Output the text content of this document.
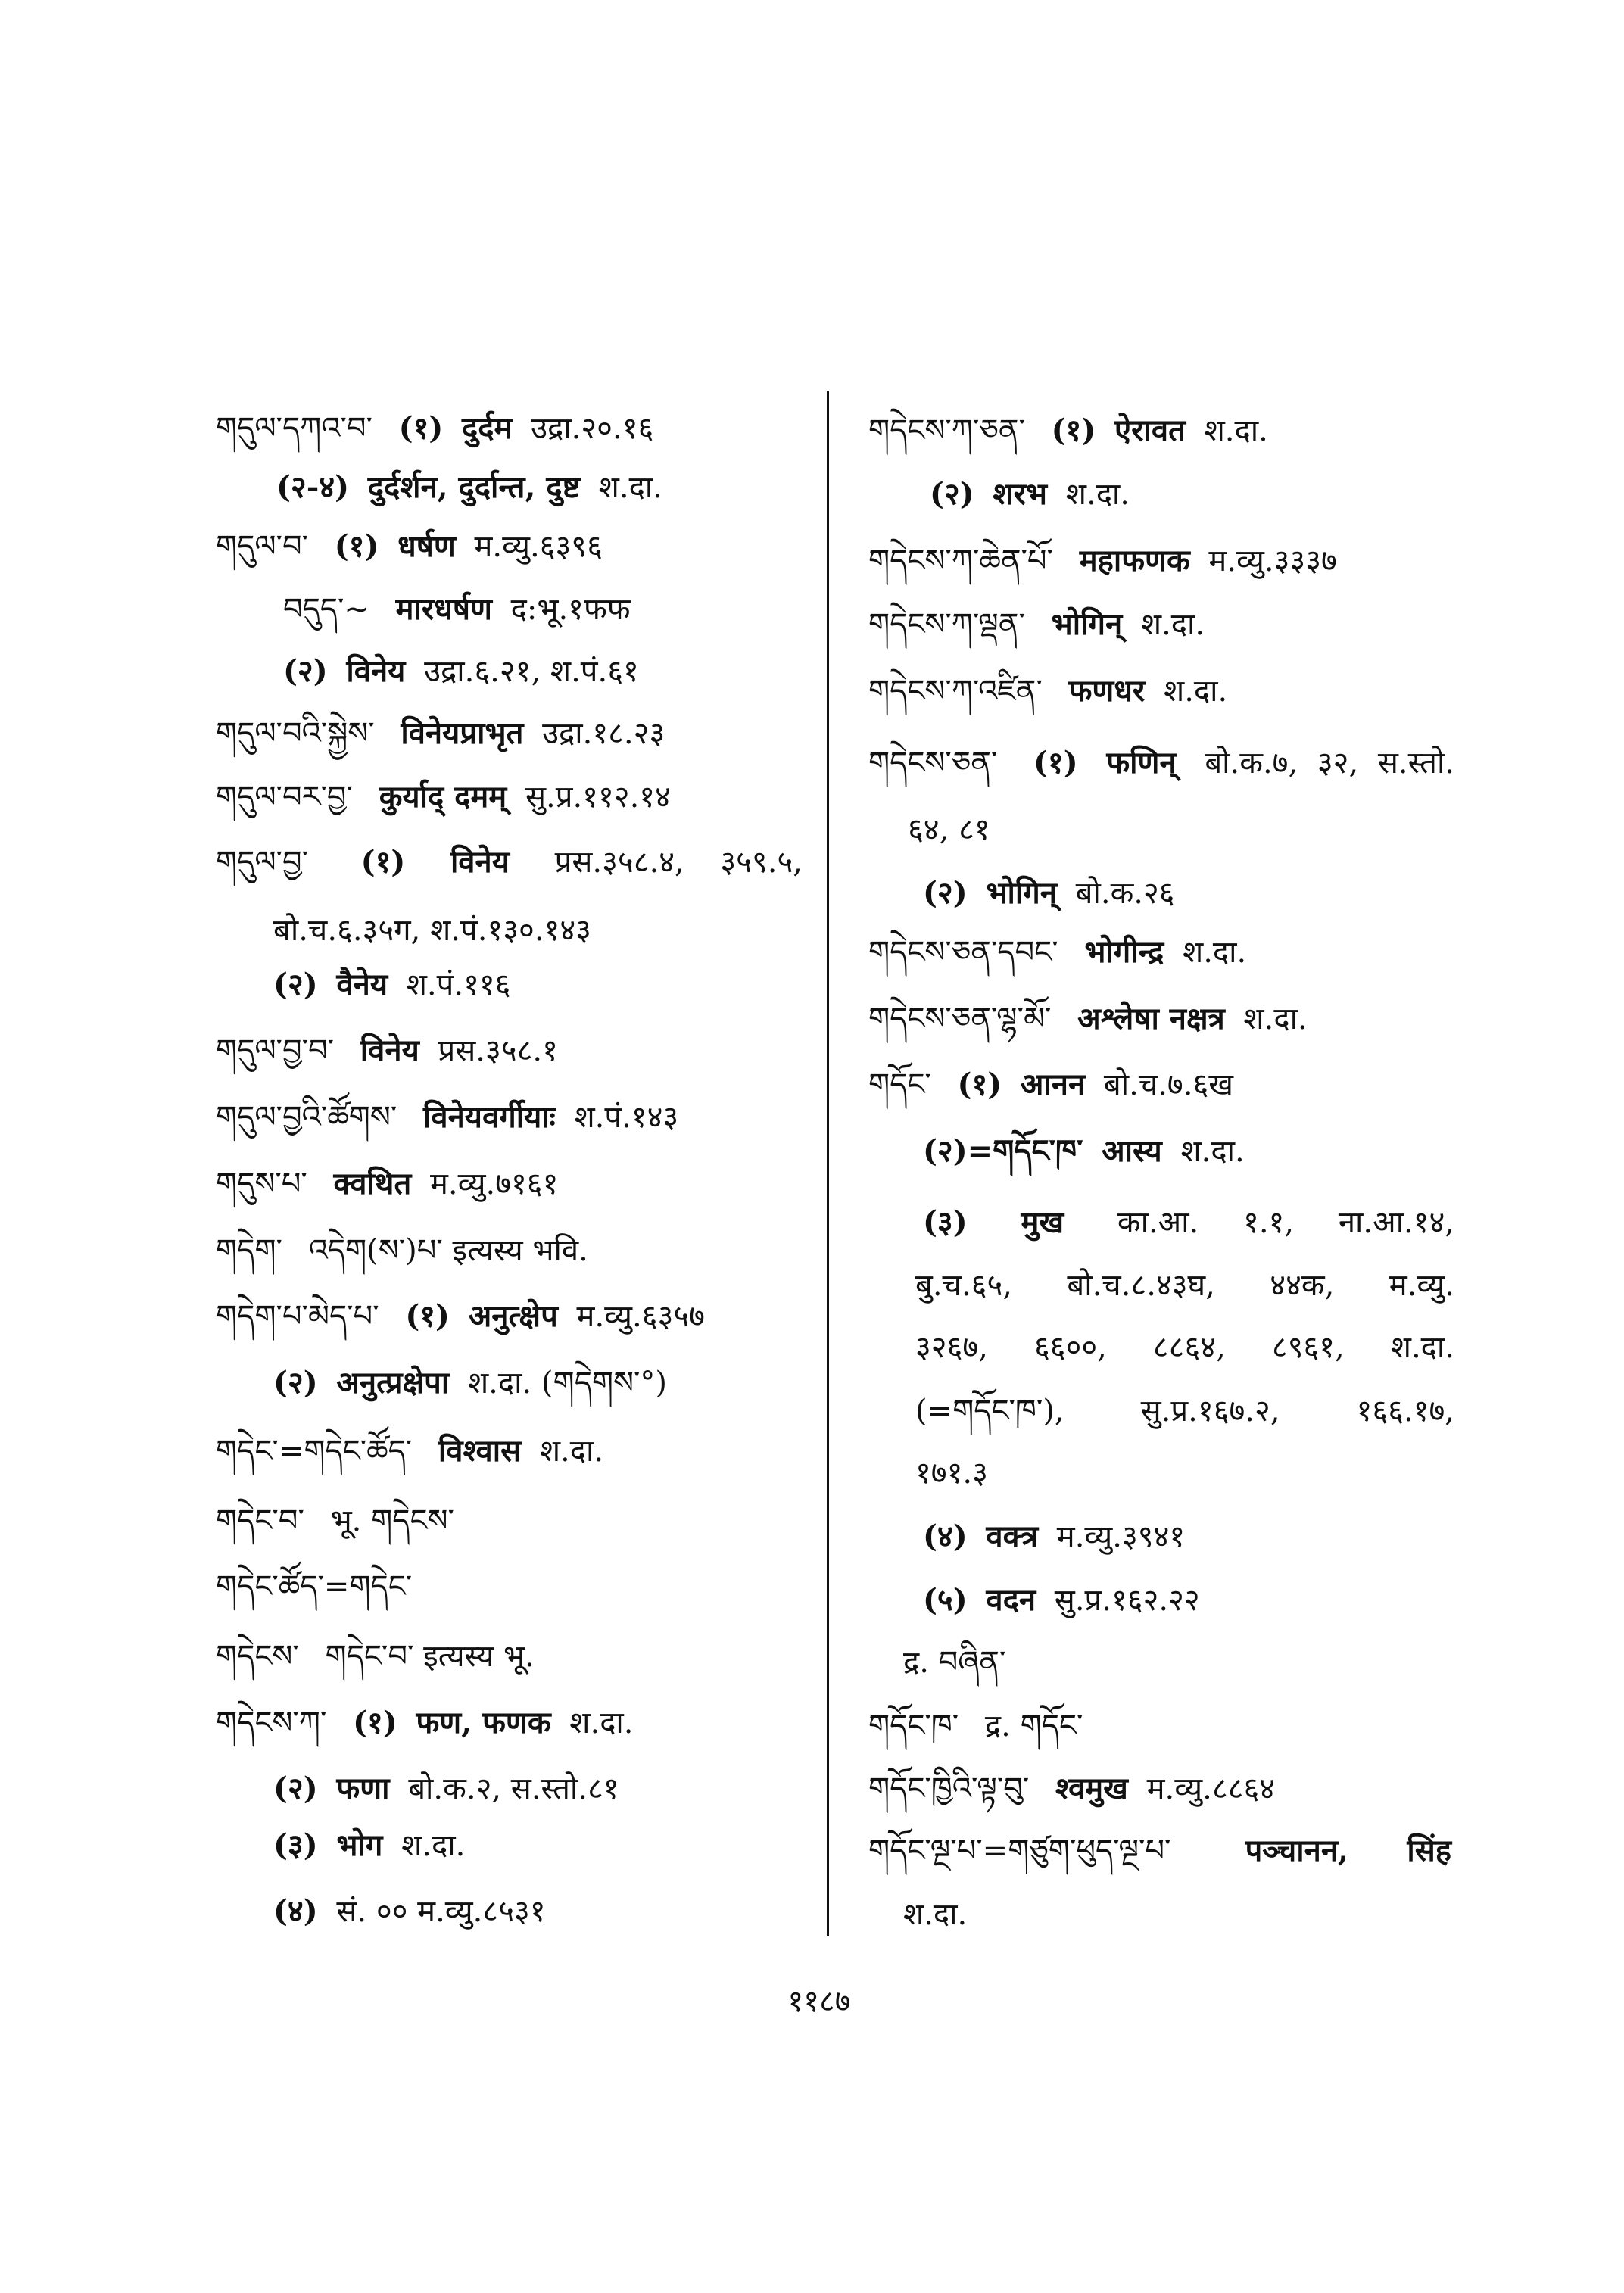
གདུལ་དཀའ་བ་ (१) दुर्दम उद्रा.२०.१६
(२-४) दुर्दर्शन, दुर्दान्त, दुष्ट श.दा.
གདུལ་བ་ (१) धर्षण म.व्यु.६३९६
བདུད་~ मारधर्षण द:भू.१फफ
(२) विनेय उद्रा.६.२१, श.पं.६१
གདུལ་བའི་སྐྱེས་ विनेयप्राभृत उद्रा.१८.२३
གདུལ་བར་བྱ་ कुर्याद् दमम् सु.प्र.११२.१४
གདུལ་བྱ་ (१) विनेय प्रस.३५८.४, ३५९.५,
बो.च.६.३५ग, श.पं.१३०.१४३
(२) वैनेय श.पं.११६
གདུལ་བྱ་བ་ विनेय प्रस.३५८.१
གདུལ་བྱའི་ཚོགས་ विनेयवर्गीयाः श.पं.१४३
གདུས་པ་ क्वथित म.व्यु.७१६१
གདེག་ འདེག(ས་)པ་ इत्यस्य भवि.
གདེག་པ་མེད་པ་ (१) अनुत्क्षेप म.व्यु.६३५७
(२) अनुत्प्रक्षेपा श.दा. (གདེགས་°)
གདེང་=གདེང་ཚོད་ विश्वास श.दा.
གདེང་བ་ भू. གདེངས་
གདེང་ཚོད་=གདེང་
གདེངས་ གདེང་བ་ इत्यस्य भू.
གདེངས་ཀ་ (१) फण, फणक श.दा.
(२) फणा बो.क.२, स.स्तो.८१
(३) भोग श.दा.
(४) सं. ०० म.व्यु.८५३१
གདེངས་ཀ་ཅན་ (१) ऐरावत श.दा.
(२) शरभ श.दा.
གདེངས་ཀ་ཆེན་པོ་ महाफणक म.व्यु.३३३७
གདེངས་ཀ་ལྡན་ भोगिन् श.दा.
གདེངས་ཀ་འཛིན་ फणधर श.दा.
གདེངས་ཅན་ (१) फणिन् बो.क.७, ३२, स.स्तो.
६४, ८१
(२) भोगिन् बो.क.२६
གདེངས་ཅན་དབང་ भोगीन्द्र श.दा.
གདེངས་ཅན་ལྷ་མོ་ अश्लेषा नक्षत्र श.दा.
གདོང་ (१) आनन बो.च.७.६ख
(२)=གདོང་ཁ་ आस्य श.दा.
(३) मुख का.आ. १.१, ना.आ.१४,
बु.च.६५, बो.च.८.४३घ, ४४क, म.व्यु.
३२६७, ६६००, ८८६४, ८९६१, श.दा.
(=གདོང་ཁ་), सु.प्र.१६७.२, १६६.१७,
१७१.३
(४) वक्त्र म.व्यु.३९४१
(५) वदन सु.प्र.१६२.२२
द्र. བཞིན་
གདོང་ཁ་ द्र. གདོང་
གདོང་ཁྱིའི་ལྟ་བུ་ श्वमुख म.व्यु.८८६४
གདོང་ལྔ་པ་=གཙུག་ཕུད་ལྔ་པ་ पञ्चानन, सिंह
श.दा.
११८७
